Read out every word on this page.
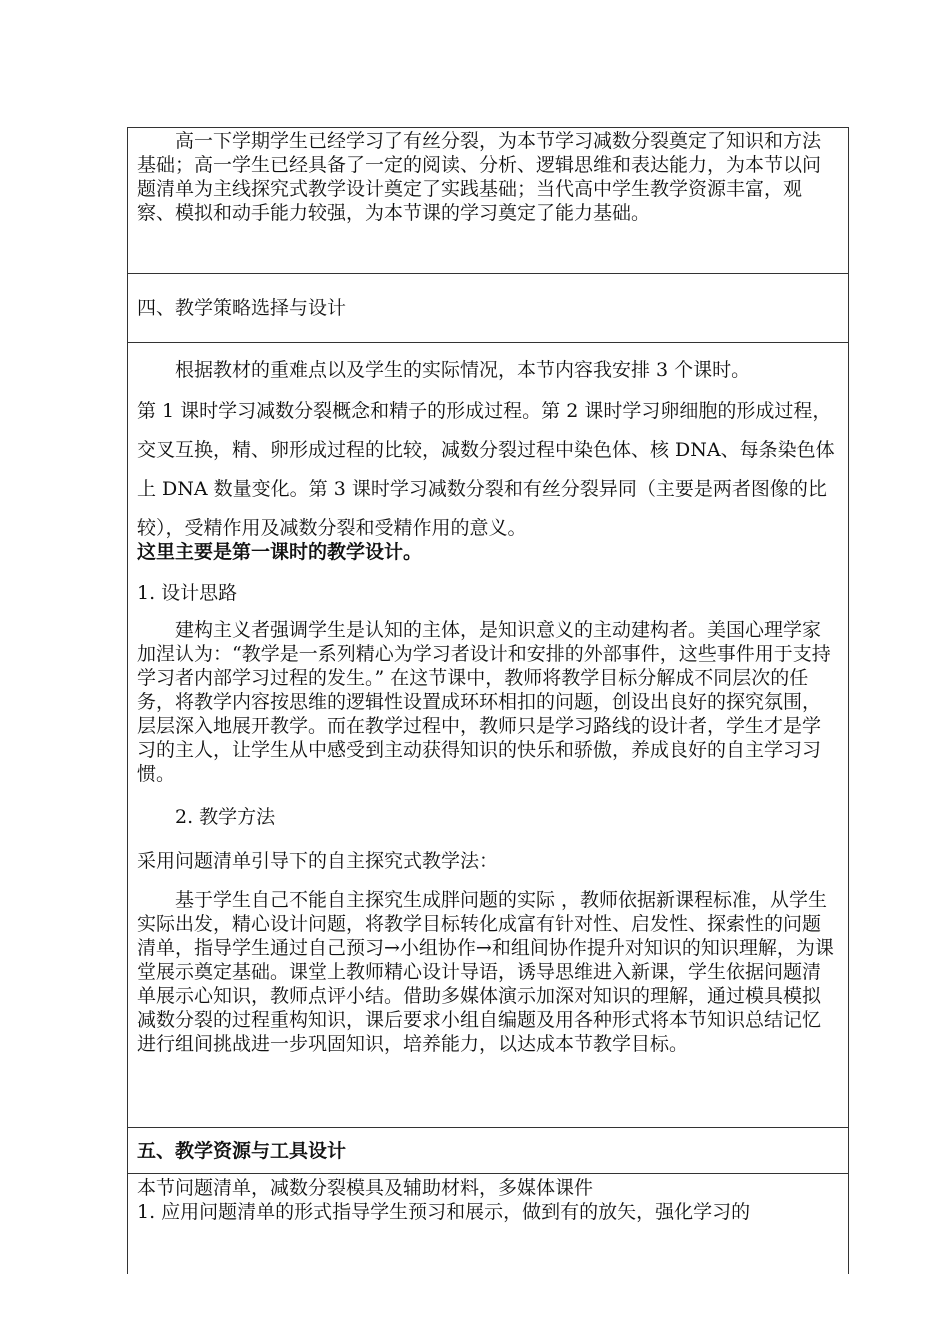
高一下学期学生已经学习了有丝分裂，为本节学习减数分裂奠定了知识和方法基础；高一学生已经具备了一定的阅读、分析、逻辑思维和表达能力，为本节以问题清单为主线探究式教学设计奠定了实践基础；当代高中学生教学资源丰富，观察、模拟和动手能力较强，为本节课的学习奠定了能力基础。

四、教学策略选择与设计

根据教材的重难点以及学生的实际情况，本节内容我安排 3 个课时。

第 1 课时学习减数分裂概念和精子的形成过程。第 2 课时学习卵细胞的形成过程，交叉互换，精、卵形成过程的比较，减数分裂过程中染色体、核 DNA、每条染色体上 DNA 数量变化。第 3 课时学习减数分裂和有丝分裂异同（主要是两者图像的比较），受精作用及减数分裂和受精作用的意义。

这里主要是第一课时的教学设计。

1. 设计思路

建构主义者强调学生是认知的主体，是知识意义的主动建构者。美国心理学家加涅认为：“教学是一系列精心为学习者设计和安排的外部事件，这些事件用于支持学习者内部学习过程的发生。” 在这节课中，教师将教学目标分解成不同层次的任务，将教学内容按思维的逻辑性设置成环环相扣的问题，创设出良好的探究氛围，层层深入地展开教学。而在教学过程中，教师只是学习路线的设计者，学生才是学习的主人，让学生从中感受到主动获得知识的快乐和骄傲，养成良好的自主学习习惯。

2. 教学方法

采用问题清单引导下的自主探究式教学法：

基于学生自己不能自主探究生成胖问题的实际 ，教师依据新课程标准，从学生实际出发，精心设计问题，将教学目标转化成富有针对性、启发性、探索性的问题清单，指导学生通过自己预习→小组协作→和组间协作提升对知识的知识理解，为课堂展示奠定基础。课堂上教师精心设计导语，诱导思维进入新课，学生依据问题清单展示心知识，教师点评小结。借助多媒体演示加深对知识的理解，通过模具模拟减数分裂的过程重构知识，课后要求小组自编题及用各种形式将本节知识总结记忆进行组间挑战进一步巩固知识，培养能力，以达成本节教学目标。

五、教学资源与工具设计

本节问题清单，减数分裂模具及辅助材料，多媒体课件

1. 应用问题清单的形式指导学生预习和展示，做到有的放矢，强化学习的
